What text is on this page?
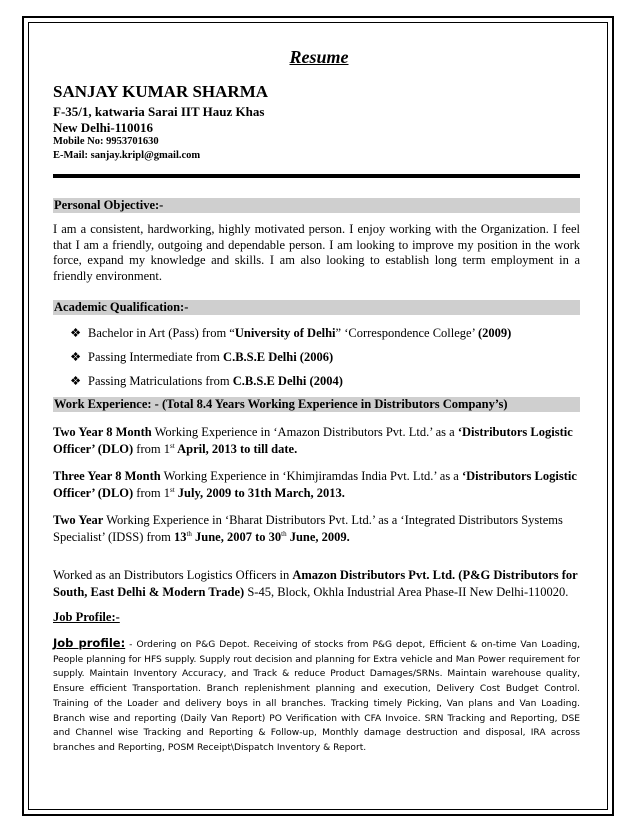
Resume
SANJAY KUMAR SHARMA
F-35/1, katwaria Sarai IIT Hauz Khas
New Delhi-110016
Mobile No: 9953701630
E-Mail: sanjay.kripl@gmail.com
Personal Objective:-
I am a consistent, hardworking, highly motivated person. I enjoy working with the Organization. I feel that I am a friendly, outgoing and dependable person. I am looking to improve my position in the work force, expand my knowledge and skills. I am also looking to establish long term employment in a friendly environment.
Academic Qualification:-
❖ Bachelor in Art (Pass) from “University of Delhi” ‘Correspondence College’ (2009)
❖ Passing Intermediate from C.B.S.E Delhi (2006)
❖ Passing Matriculations from C.B.S.E Delhi (2004)
Work Experience: - (Total 8.4 Years Working Experience in Distributors Company’s)
Two Year 8 Month Working Experience in ‘Amazon Distributors Pvt. Ltd.’ as a ‘Distributors Logistic Officer’ (DLO) from 1st April, 2013 to till date.
Three Year 8 Month Working Experience in ‘Khimjiramdas India Pvt. Ltd.’ as a ‘Distributors Logistic Officer’ (DLO) from 1st July, 2009 to 31th March, 2013.
Two Year Working Experience in ‘Bharat Distributors Pvt. Ltd.’ as a ‘Integrated Distributors Systems Specialist’ (IDSS) from 13th June, 2007 to 30th June, 2009.
Worked as an Distributors Logistics Officers in Amazon Distributors Pvt. Ltd. (P&G Distributors for South, East Delhi & Modern Trade) S-45, Block, Okhla Industrial Area Phase-II New Delhi-110020.
Job Profile:-
Job profile: - Ordering on P&G Depot. Receiving of stocks from P&G depot, Efficient & on-time Van Loading, People planning for HFS supply. Supply rout decision and planning for Extra vehicle and Man Power requirement for supply. Maintain Inventory Accuracy, and Track & reduce Product Damages/SRNs. Maintain warehouse quality, Ensure efficient Transportation. Branch replenishment planning and execution, Delivery Cost Budget Control. Training of the Loader and delivery boys in all branches. Tracking timely Picking, Van plans and Van Loading. Branch wise and reporting (Daily Van Report) PO Verification with CFA Invoice. SRN Tracking and Reporting, DSE and Channel wise Tracking and Reporting & Follow-up, Monthly damage destruction and disposal, IRA across branches and Reporting, POSM Receipt\Dispatch Inventory & Report.
